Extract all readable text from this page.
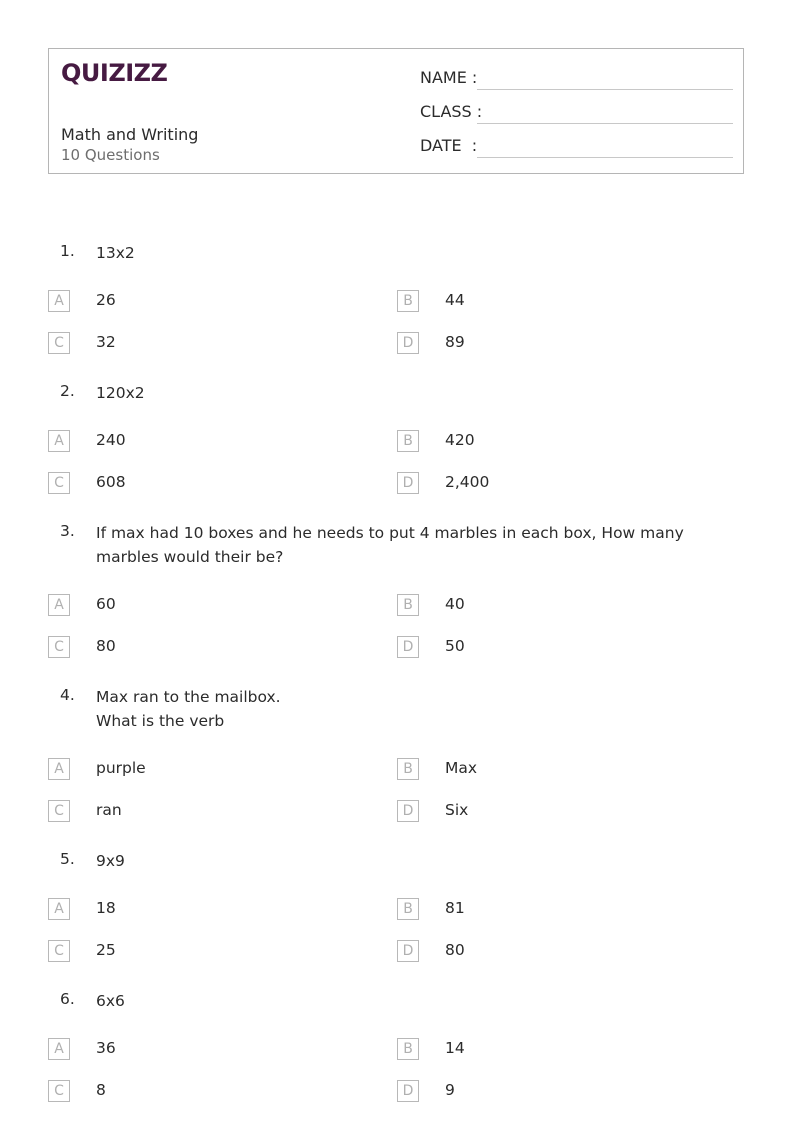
QUIZIZZ
Math and Writing
10 Questions
NAME :
CLASS :
DATE  :
1. 13x2
A	26	B	44
C	32	D	89
2. 120x2
A	240	B	420
C	608	D	2,400
3. If max had 10 boxes and he needs to put 4 marbles in each box, How many marbles would their be?
A	60	B	40
C	80	D	50
4. Max ran to the mailbox.
What is the verb
A	purple	B	Max
C	ran	D	Six
5. 9x9
A	18	B	81
C	25	D	80
6. 6x6
A	36	B	14
C	8	D	9
